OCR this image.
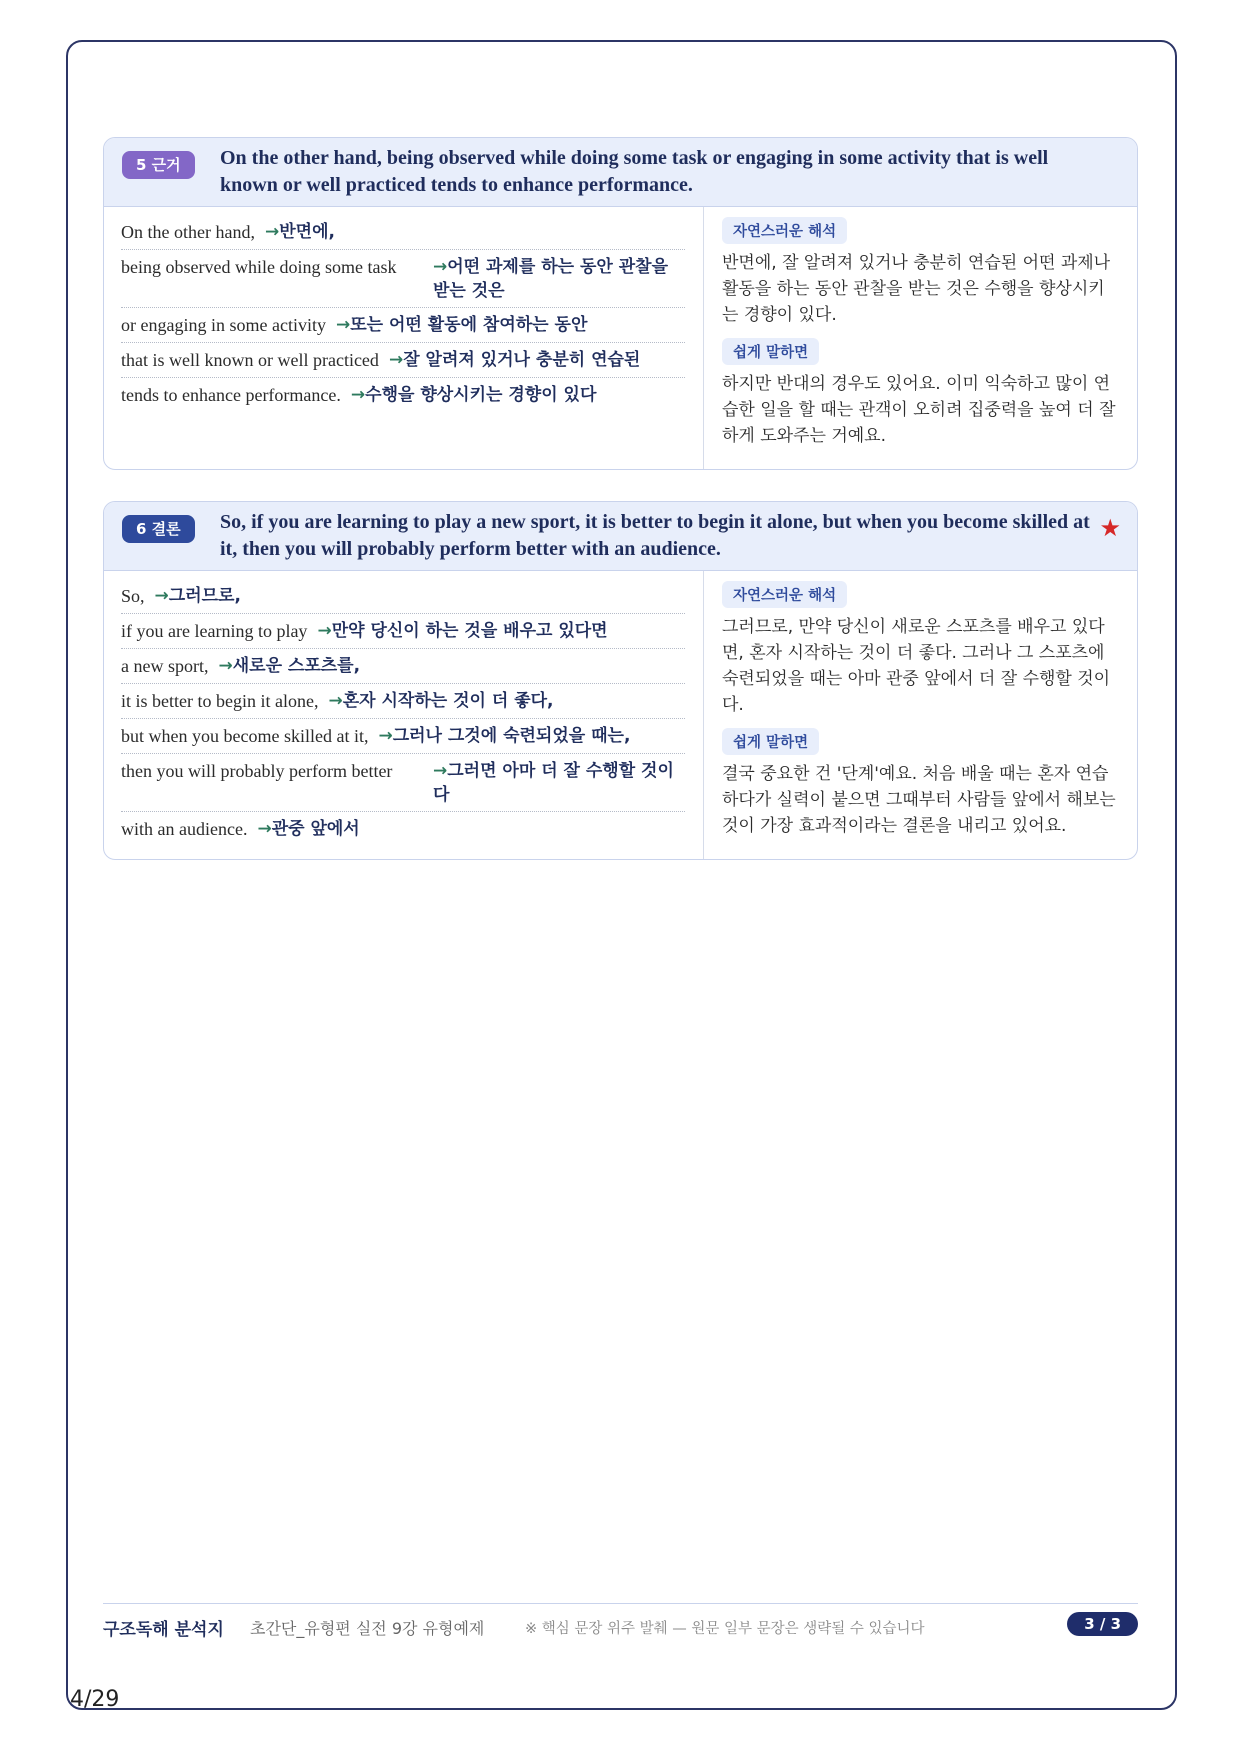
5 근거	On the other hand, being observed while doing some task or engaging in some activity that is well known or well practiced tends to enhance performance.
On the other hand, →반면에,
being observed while doing some task	→어떤 과제를 하는 동안 관찰을 받는 것은
or engaging in some activity →또는 어떤 활동에 참여하는 동안
that is well known or well practiced →잘 알려져 있거나 충분히 연습된
tends to enhance performance. →수행을 향상시키는 경향이 있다
자연스러운 해석
반면에, 잘 알려져 있거나 충분히 연습된 어떤 과제나 활동을 하는 동안 관찰을 받는 것은 수행을 향상시키는 경향이 있다.
쉽게 말하면
하지만 반대의 경우도 있어요. 이미 익숙하고 많이 연습한 일을 할 때는 관객이 오히려 집중력을 높여 더 잘하게 도와주는 거예요.
6 결론	So, if you are learning to play a new sport, it is better to begin it alone, but when you become skilled at it, then you will probably perform better with an audience.
★
So, →그러므로,
if you are learning to play →만약 당신이 하는 것을 배우고 있다면
a new sport, →새로운 스포츠를,
it is better to begin it alone, →혼자 시작하는 것이 더 좋다,
but when you become skilled at it, →그러나 그것에 숙련되었을 때는,
then you will probably perform better	→그러면 아마 더 잘 수행할 것이다
with an audience. →관중 앞에서
자연스러운 해석
그러므로, 만약 당신이 새로운 스포츠를 배우고 있다면, 혼자 시작하는 것이 더 좋다. 그러나 그 스포츠에 숙련되었을 때는 아마 관중 앞에서 더 잘 수행할 것이다.
쉽게 말하면
결국 중요한 건 '단계'예요. 처음 배울 때는 혼자 연습하다가 실력이 붙으면 그때부터 사람들 앞에서 해보는 것이 가장 효과적이라는 결론을 내리고 있어요.
구조독해 분석지 초간단_유형편 실전 9강 유형예제	※ 핵심 문장 위주 발췌 — 원문 일부 문장은 생략될 수 있습니다	3 / 3
4/29
